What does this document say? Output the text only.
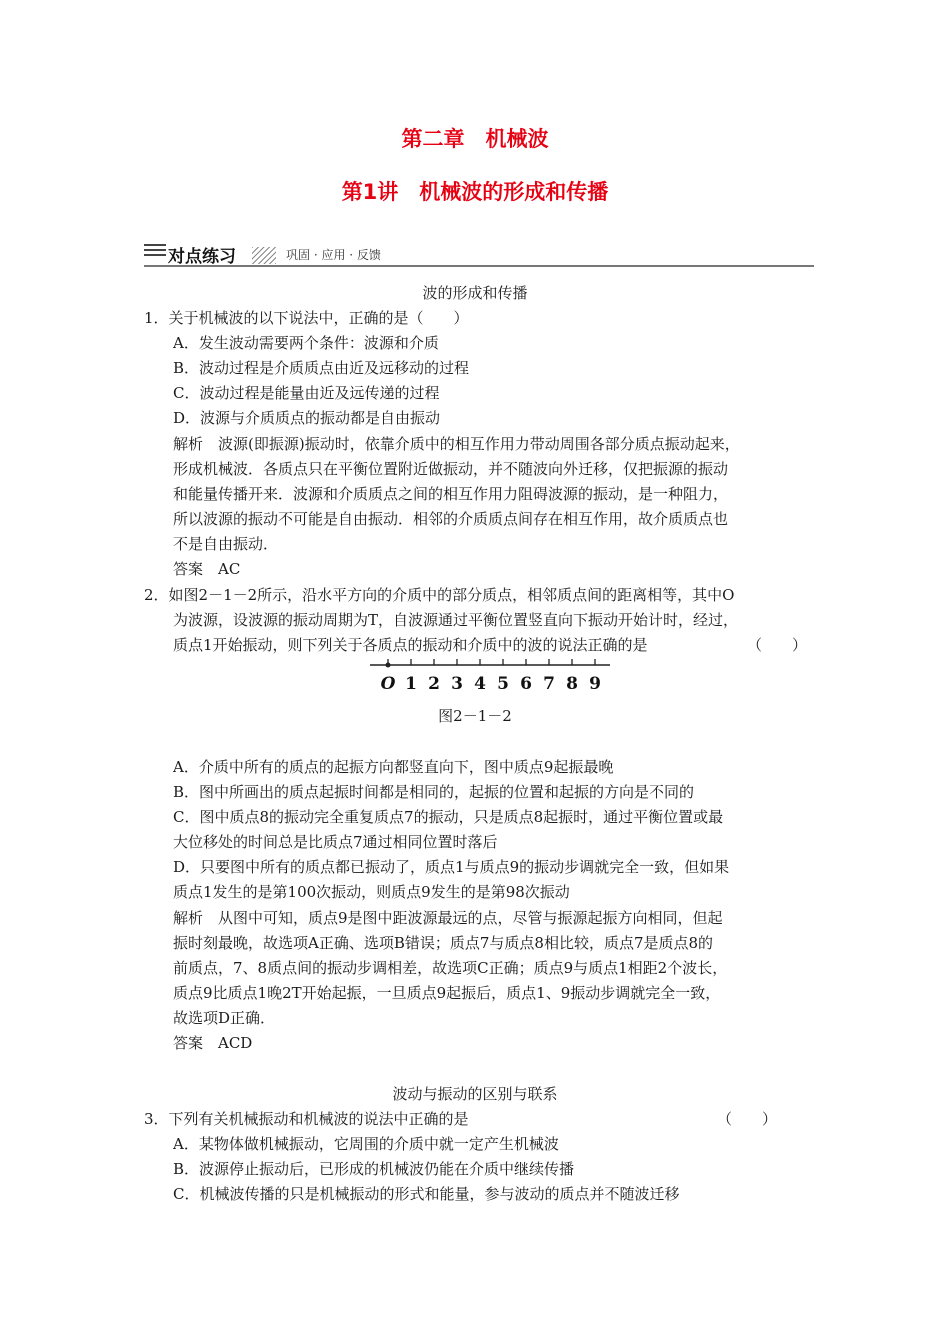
第二章　机械波
第1讲　机械波的形成和传播
对点练习	巩固 · 应用 · 反馈
波的形成和传播
1．关于机械波的以下说法中，正确的是（　　）
A．发生波动需要两个条件：波源和介质
B．波动过程是介质质点由近及远移动的过程
C．波动过程是能量由近及远传递的过程
D．波源与介质质点的振动都是自由振动
解析　波源(即振源)振动时，依靠介质中的相互作用力带动周围各部分质点振动起来，
形成机械波．各质点只在平衡位置附近做振动，并不随波向外迁移，仅把振源的振动
和能量传播开来．波源和介质质点之间的相互作用力阻碍波源的振动，是一种阻力，
所以波源的振动不可能是自由振动．相邻的介质质点间存在相互作用，故介质质点也
不是自由振动．
答案　AC
2．如图2－1－2所示，沿水平方向的介质中的部分质点，相邻质点间的距离相等，其中O
为波源，设波源的振动周期为T，自波源通过平衡位置竖直向下振动开始计时，经过，
质点1开始振动，则下列关于各质点的振动和介质中的波的说法正确的是	（　　）
O 1 2 3 4 5 6 7 8 9
图2－1－2
A．介质中所有的质点的起振方向都竖直向下，图中质点9起振最晚
B．图中所画出的质点起振时间都是相同的，起振的位置和起振的方向是不同的
C．图中质点8的振动完全重复质点7的振动，只是质点8起振时，通过平衡位置或最
大位移处的时间总是比质点7通过相同位置时落后
D．只要图中所有的质点都已振动了，质点1与质点9的振动步调就完全一致，但如果
质点1发生的是第100次振动，则质点9发生的是第98次振动
解析　从图中可知，质点9是图中距波源最远的点，尽管与振源起振方向相同，但起
振时刻最晚，故选项A正确、选项B错误；质点7与质点8相比较，质点7是质点8的
前质点，7、8质点间的振动步调相差，故选项C正确；质点9与质点1相距2个波长，
质点9比质点1晚2T开始起振，一旦质点9起振后，质点1、9振动步调就完全一致，
故选项D正确．
答案　ACD
波动与振动的区别与联系
3．下列有关机械振动和机械波的说法中正确的是	（　　）
A．某物体做机械振动，它周围的介质中就一定产生机械波
B．波源停止振动后，已形成的机械波仍能在介质中继续传播
C．机械波传播的只是机械振动的形式和能量，参与波动的质点并不随波迁移
